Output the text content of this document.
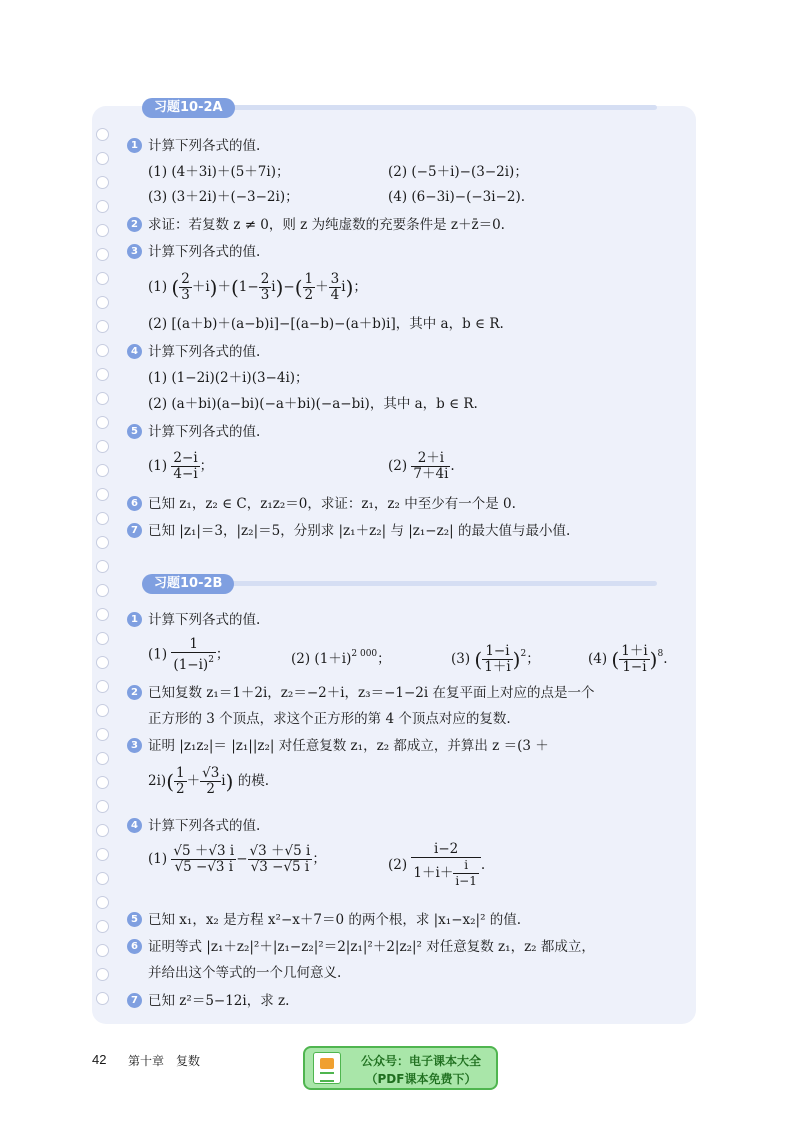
习题10-2A
1 计算下列各式的值.
(1) (4＋3i)＋(5＋7i)；	(2) (−5＋i)−(3−2i)；
(3) (3＋2i)＋(−3−2i)；	(4) (6−3i)−(−3i−2).
2 求证：若复数 z ≠ 0，则 z 为纯虚数的充要条件是 z＋z̄＝0.
3 计算下列各式的值.
(1) ( $\frac{2}{3} +i)+(1- \frac{2}{3} i)-( \frac{1}{2} + \frac{3}{4} i)$；
(2) [(a＋b)＋(a−b)i]−[(a−b)−(a＋b)i]，其中 a，b ∈ R.
4 计算下列各式的值.
(1) (1−2i)(2＋i)(3−4i)；
(2) (a＋bi)(a−bi)(−a＋bi)(−a−bi)，其中 a，b ∈ R.
5 计算下列各式的值.
$(1) \frac{2-i}{4-i}$ ；	$(2) \frac{2+i}{7+4i}$ .
6 已知 z₁，z₂ ∈ C，z₁z₂＝0，求证：z₁，z₂ 中至少有一个是 0.
7 已知 |z₁|＝3，|z₂|＝5，分别求 |z₁＋z₂| 与 |z₁−z₂| 的最大值与最小值.
习题10-2B
1 计算下列各式的值.
$(1) \frac{1}{(1-i)^2}$ ；	(2) $(1+i)^{2 000}$；	(3) ( $\frac{1-i}{1+i} )^2$；	(4) ( $\frac{1+i}{1-i} )^8$.
2 已知复数 z₁＝1＋2i，z₂＝−2＋i，z₃＝−1−2i 在复平面上对应的点是一个
正方形的 3 个顶点，求这个正方形的第 4 个顶点对应的复数.
3 证明 |z₁z₂|＝ |z₁||z₂| 对任意复数 z₁，z₂ 都成立，并算出 z ＝(3 ＋
$2i)( \frac{1}{2} + \frac{√3}{2} i)$ 的模.
4 计算下列各式的值.
$(1) \frac{√5 +√3 i}{√5 -√3 i} - \frac{√3 +√5 i}{√3 -√5 i}$ ；	$(2) \frac{i-2}{1+i+ \frac{i}{i-1}}$ .
5 已知 x₁，x₂ 是方程 x²−x＋7＝0 的两个根，求 |x₁−x₂|² 的值.
6 证明等式 |z₁＋z₂|²＋|z₁−z₂|²＝2|z₁|²＋2|z₂|² 对任意复数 z₁，z₂ 都成立，
并给出这个等式的一个几何意义.
7 已知 z²＝5−12i，求 z.
42 第十章　复数	公众号：电子课本大全
（PDF课本免费下）
